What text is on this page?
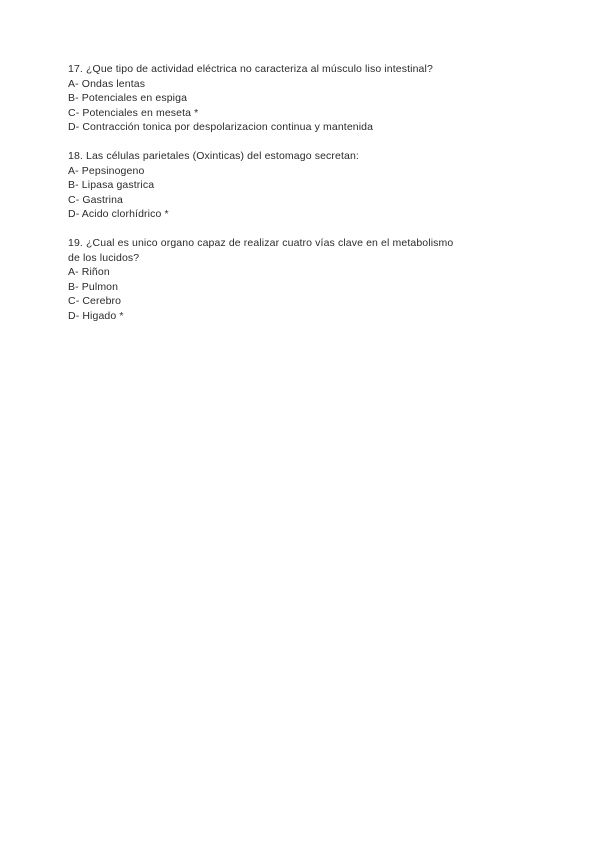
17. ¿Que tipo de actividad eléctrica no caracteriza al músculo liso intestinal?

A- Ondas lentas
B- Potenciales en espiga
C- Potenciales en meseta *
D- Contracción tonica por despolarizacion continua y mantenida

18. Las células parietales (Oxinticas) del estomago secretan:

A- Pepsinogeno
B- Lipasa gastrica
C- Gastrina
D- Acido clorhídrico *

19. ¿Cual es unico organo capaz de realizar cuatro vías clave en el metabolismo de los lucidos?

A- Riñon
B- Pulmon
C- Cerebro
D- Higado *
